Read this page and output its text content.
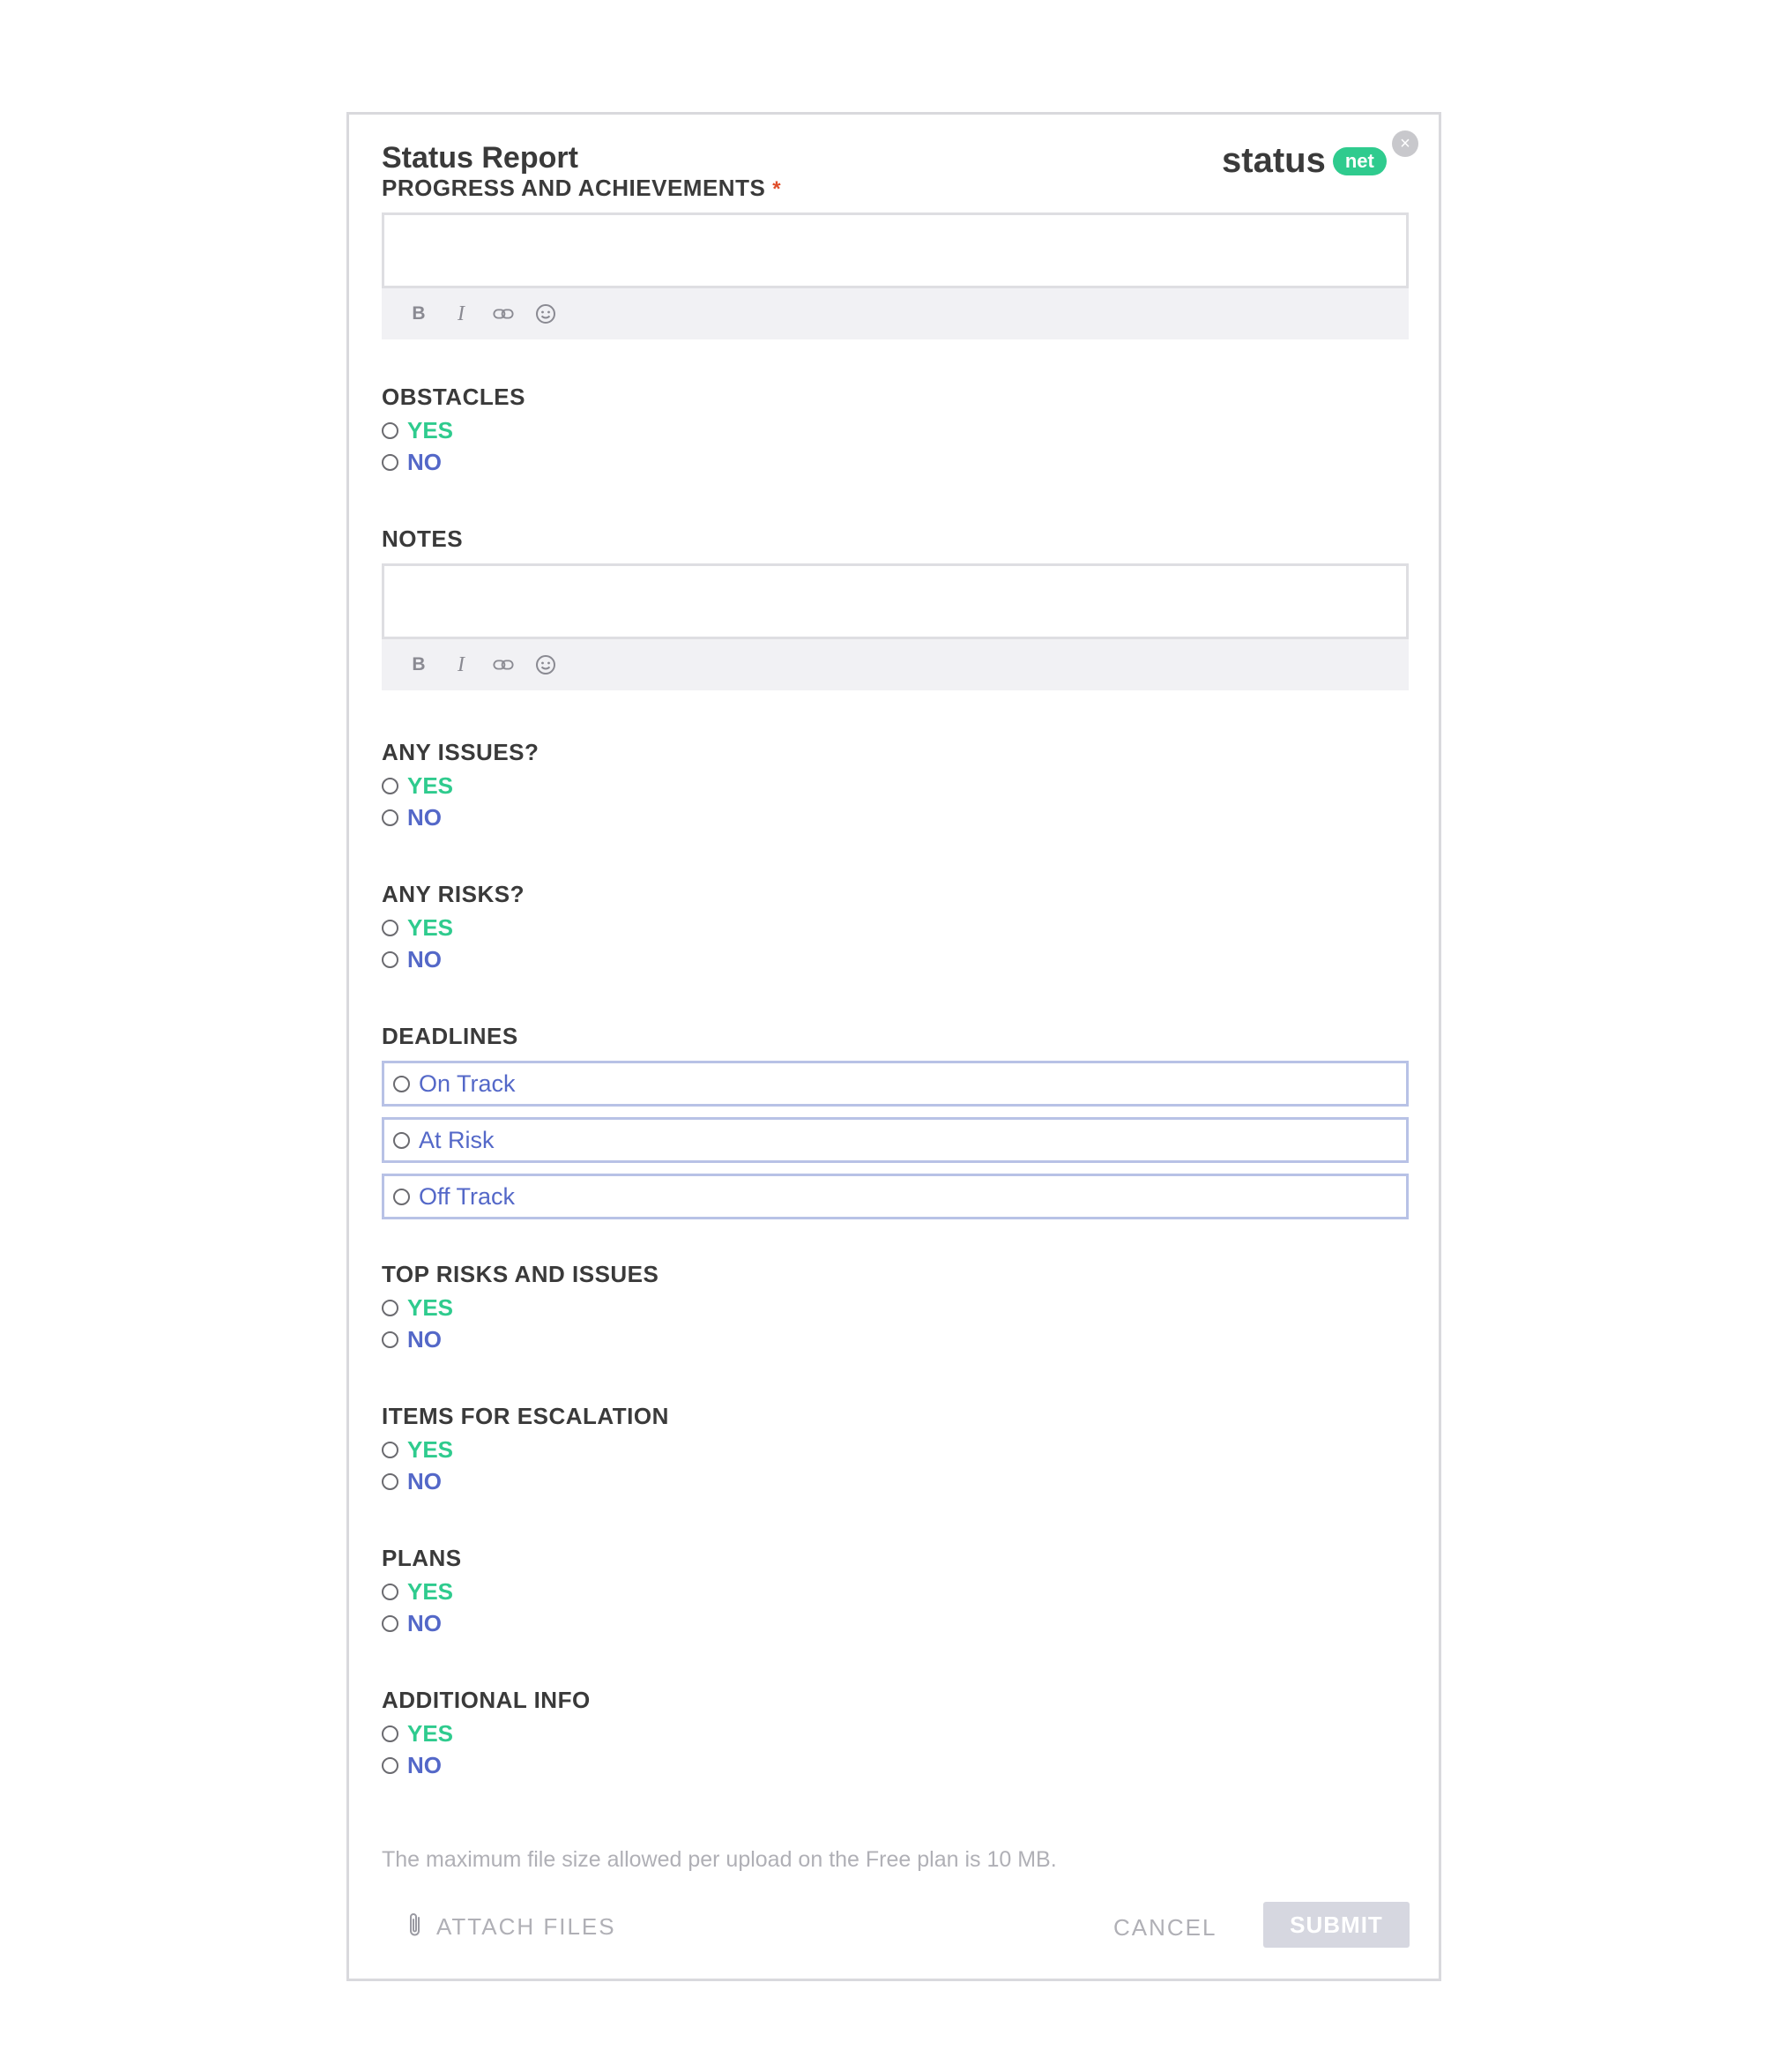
Status Report	status	net
×
PROGRESS AND ACHIEVEMENTS *
B	I
OBSTACLES
YES
NO
NOTES
B	I
ANY ISSUES?
YES
NO
ANY RISKS?
YES
NO
DEADLINES
On Track
At Risk
Off Track
TOP RISKS AND ISSUES
YES
NO
ITEMS FOR ESCALATION
YES
NO
PLANS
YES
NO
ADDITIONAL INFO
YES
NO
The maximum file size allowed per upload on the Free plan is 10 MB.
ATTACH FILES	CANCEL	SUBMIT
